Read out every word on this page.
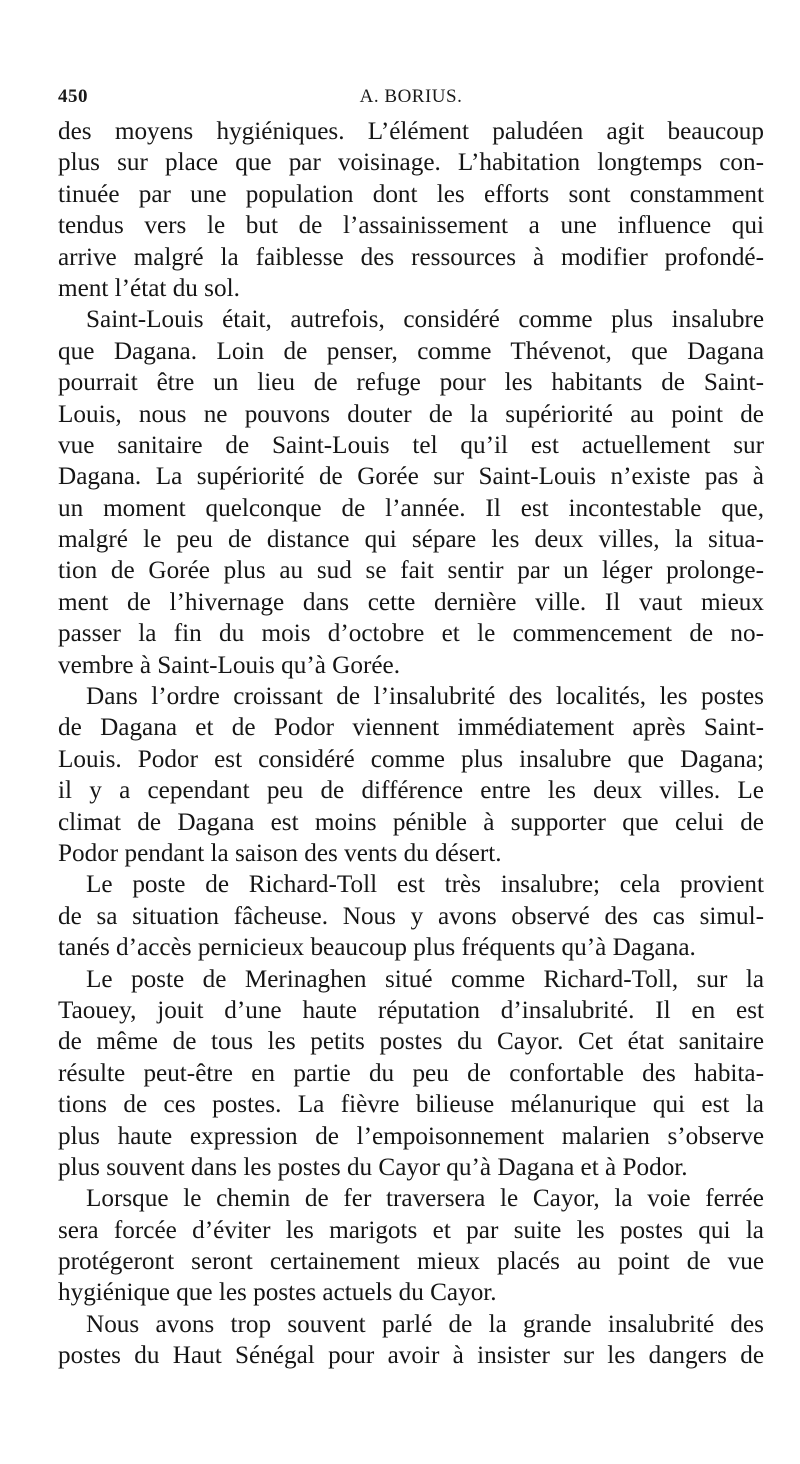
450	A. BORIUS.
des moyens hygiéniques. L’élément paludéen agit beaucoup
plus sur place que par voisinage. L’habitation longtemps con-
tinuée par une population dont les efforts sont constamment
tendus vers le but de l’assainissement a une influence qui
arrive malgré la faiblesse des ressources à modifier profondé-
ment l’état du sol.
Saint-Louis était, autrefois, considéré comme plus insalubre
que Dagana. Loin de penser, comme Thévenot, que Dagana
pourrait être un lieu de refuge pour les habitants de Saint-
Louis, nous ne pouvons douter de la supériorité au point de
vue sanitaire de Saint-Louis tel qu’il est actuellement sur
Dagana. La supériorité de Gorée sur Saint-Louis n’existe pas à
un moment quelconque de l’année. Il est incontestable que,
malgré le peu de distance qui sépare les deux villes, la situa-
tion de Gorée plus au sud se fait sentir par un léger prolonge-
ment de l’hivernage dans cette dernière ville. Il vaut mieux
passer la fin du mois d’octobre et le commencement de no-
vembre à Saint-Louis qu’à Gorée.
Dans l’ordre croissant de l’insalubrité des localités, les postes
de Dagana et de Podor viennent immédiatement après Saint-
Louis. Podor est considéré comme plus insalubre que Dagana;
il y a cependant peu de différence entre les deux villes. Le
climat de Dagana est moins pénible à supporter que celui de
Podor pendant la saison des vents du désert.
Le poste de Richard-Toll est très insalubre; cela provient
de sa situation fâcheuse. Nous y avons observé des cas simul-
tanés d’accès pernicieux beaucoup plus fréquents qu’à Dagana.
Le poste de Merinaghen situé comme Richard-Toll, sur la
Taouey, jouit d’une haute réputation d’insalubrité. Il en est
de même de tous les petits postes du Cayor. Cet état sanitaire
résulte peut-être en partie du peu de confortable des habita-
tions de ces postes. La fièvre bilieuse mélanurique qui est la
plus haute expression de l’empoisonnement malarien s’observe
plus souvent dans les postes du Cayor qu’à Dagana et à Podor.
Lorsque le chemin de fer traversera le Cayor, la voie ferrée
sera forcée d’éviter les marigots et par suite les postes qui la
protégeront seront certainement mieux placés au point de vue
hygiénique que les postes actuels du Cayor.
Nous avons trop souvent parlé de la grande insalubrité des
postes du Haut Sénégal pour avoir à insister sur les dangers de
